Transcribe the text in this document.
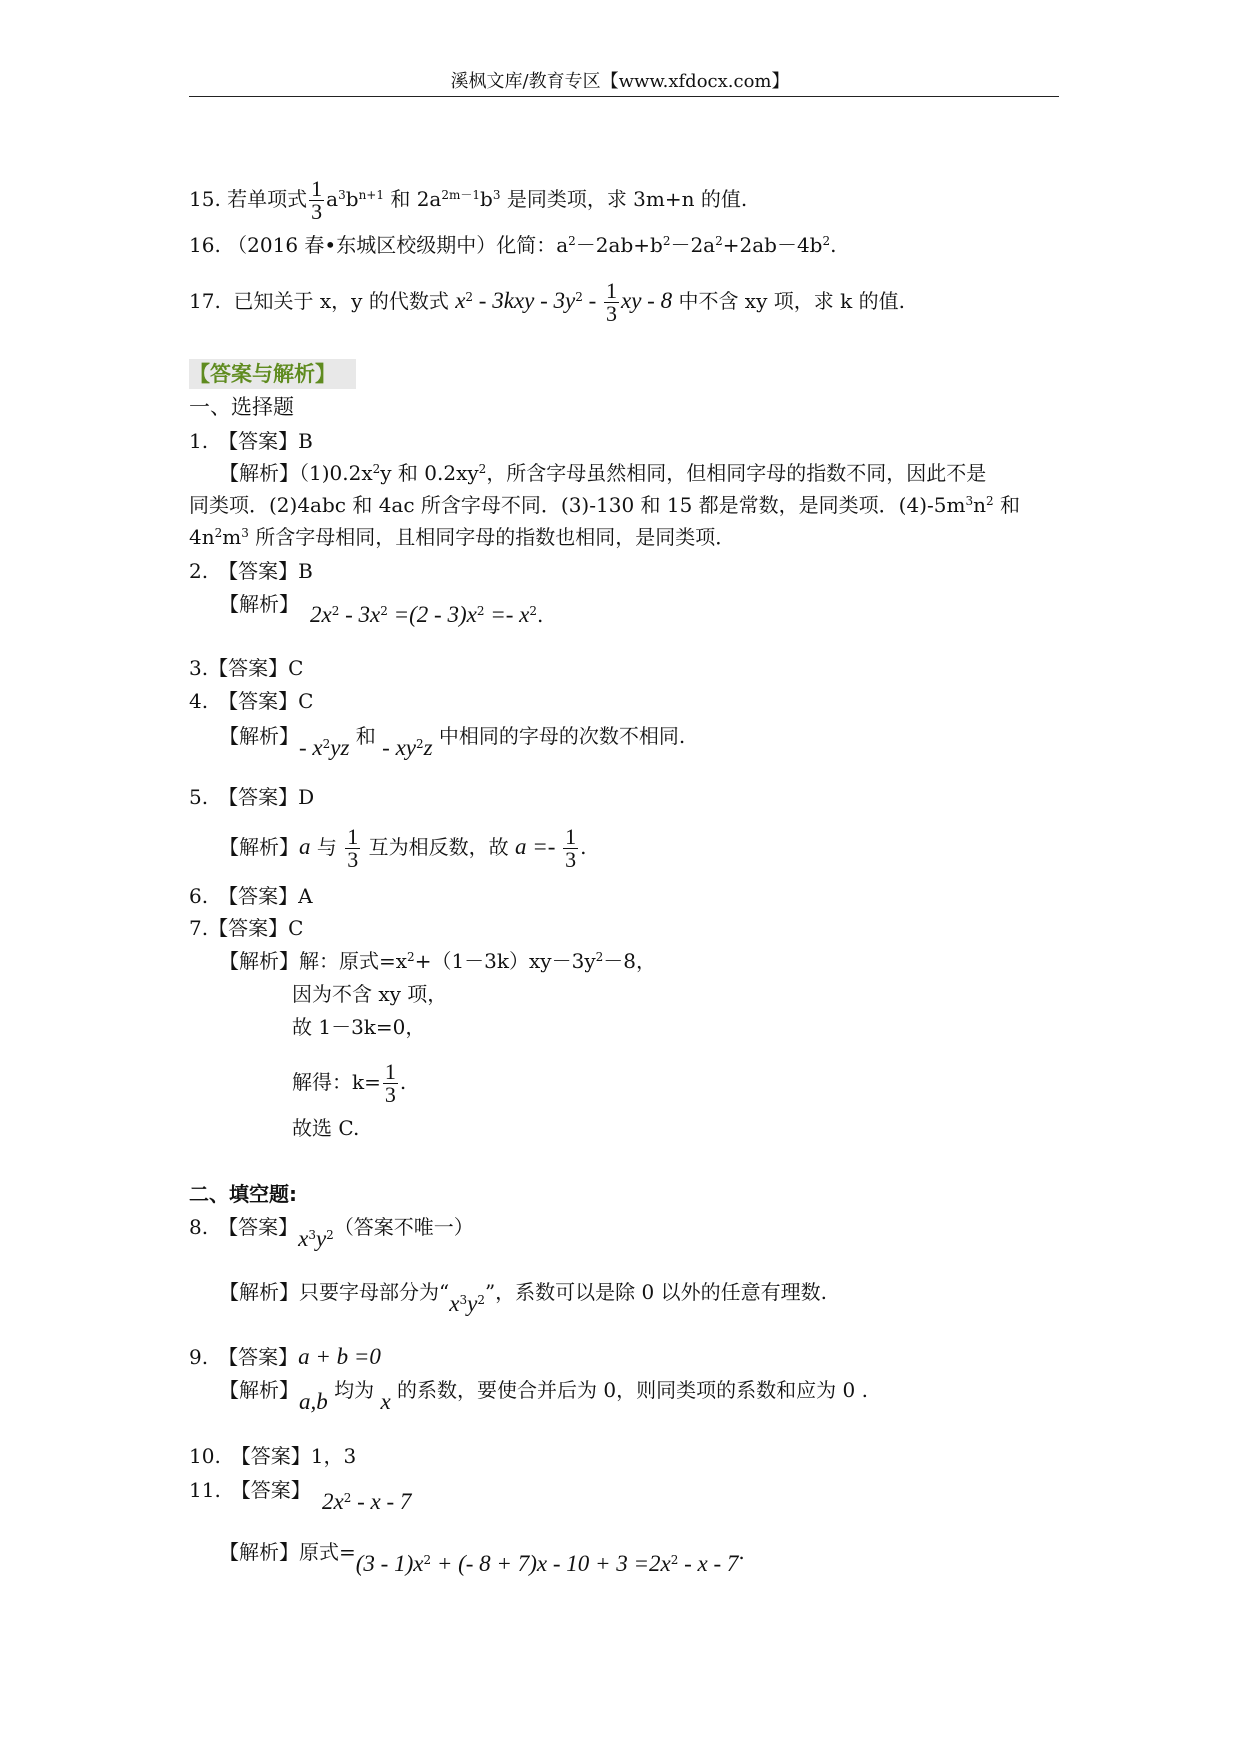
溪枫文库/教育专区【www.xfdocx.com】
15. 若单项式 $\frac{1}{3} a^3b^{n+1}$ 和 $2a^{2m-1}b^3$ 是同类项，求 3m+n 的值.
16. （2016 春•东城区校级期中）化简：$a^2-2ab+b^2-2a^2+2ab-4b^2$.
17. 已知关于 x，y 的代数式 $x^2 - 3kxy - 3y^2 - \frac{1}{3}$ xy - 8 中不含 xy 项，求 k 的值.
【答案与解析】
一、选择题
1.　【答案】B
【解析】$(1)0.2x^2y$ 和 $0.2xy^2$，所含字母虽然相同，但相同字母的指数不同，因此不是
同类项．(2)4abc 和 4ac 所含字母不同．(3)-130 和 15 都是常数，是同类项．$(4)-5m^3n^2$ 和
$4n^2m^3$ 所含字母相同，且相同字母的指数也相同，是同类项．
2.　【答案】B
【解析】 $2x^2 - 3x^2 =(2 - 3)x^2 =- x^2$.
3.【答案】C
4.　【答案】C
【解析】- $x^2yz$ 和 - $xy^2z$ 中相同的字母的次数不相同.
5.　【答案】D
【解析】a 与 $\frac{1}{3}$ 互为相反数，故 $a =- \frac{1}{3}$ .
6.　【答案】A
7.【答案】C
【解析】解：原式$=x^2+(1-3k)xy-3y^2-8$，
因为不含 xy 项，
故 1－3k=0，
解得：$k= \frac{1}{3}$ .
故选 C.
二、填空题:
8.　【答案】$x^3y^2$（答案不唯一）
【解析】只要字母部分为“$x^3y^2$”，系数可以是除 0 以外的任意有理数.
9.　【答案】a + b =0
【解析】a,b 均为 x 的系数，要使合并后为 0，则同类项的系数和应为 0 .
10.　【答案】1，3
11.　【答案】 $2x^2$ - x - 7
【解析】原式$=(3 - 1)x^2$ + (- $8 + 7)x - 10 + 3 =2x^2 - x - 7$.
